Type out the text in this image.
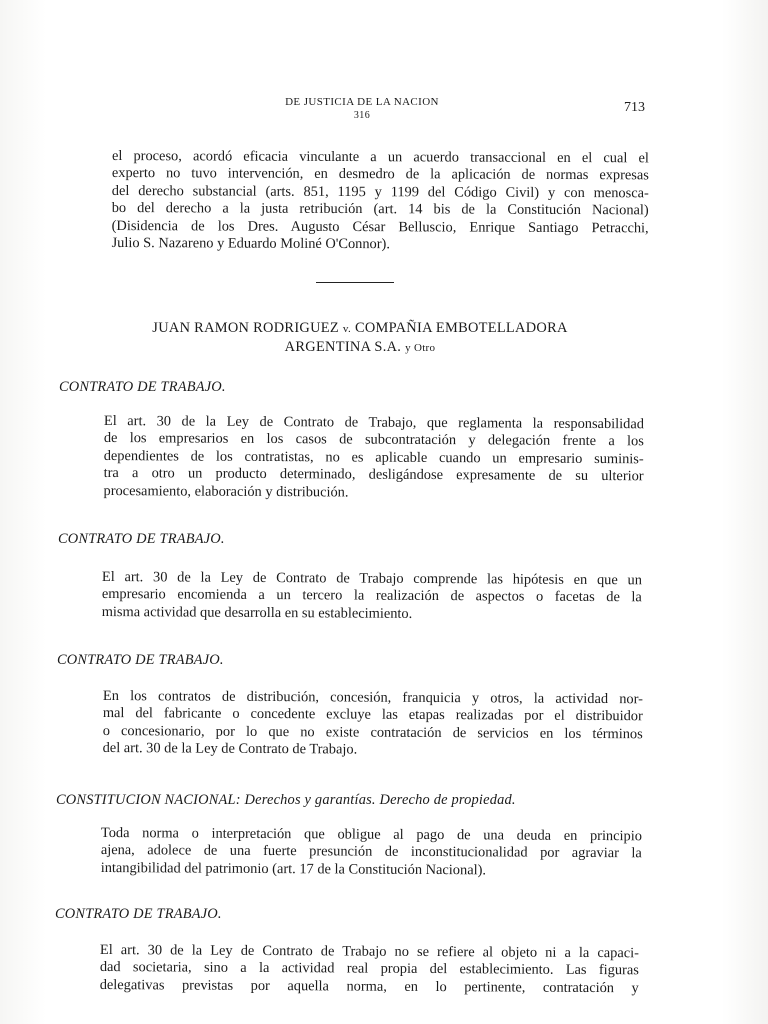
DE JUSTICIA DE LA NACION
316
713

el proceso, acordó eficacia vinculante a un acuerdo transaccional en el cual el

experto no tuvo intervención, en desmedro de la aplicación de normas expresas

del derecho substancial (arts. 851, 1195 y 1199 del Código Civil) y con menosca-

bo del derecho a la justa retribución (art. 14 bis de la Constitución Nacional)

(Disidencia de los Dres. Augusto César Belluscio, Enrique Santiago Petracchi,

Julio S. Nazareno y Eduardo Moliné O'Connor).

JUAN RAMON RODRIGUEZ v. COMPAÑIA EMBOTELLADORA
ARGENTINA S.A. y Otro
CONTRATO DE TRABAJO.

El art. 30 de la Ley de Contrato de Trabajo, que reglamenta la responsabilidad

de los empresarios en los casos de subcontratación y delegación frente a los

dependientes de los contratistas, no es aplicable cuando un empresario suminis-

tra a otro un producto determinado, desligándose expresamente de su ulterior

procesamiento, elaboración y distribución.

CONTRATO DE TRABAJO.

El art. 30 de la Ley de Contrato de Trabajo comprende las hipótesis en que un

empresario encomienda a un tercero la realización de aspectos o facetas de la

misma actividad que desarrolla en su establecimiento.

CONTRATO DE TRABAJO.

En los contratos de distribución, concesión, franquicia y otros, la actividad nor-

mal del fabricante o concedente excluye las etapas realizadas por el distribuidor

o concesionario, por lo que no existe contratación de servicios en los términos

del art. 30 de la Ley de Contrato de Trabajo.

CONSTITUCION NACIONAL: Derechos y garantías. Derecho de propiedad.

Toda norma o interpretación que obligue al pago de una deuda en principio

ajena, adolece de una fuerte presunción de inconstitucionalidad por agraviar la

intangibilidad del patrimonio (art. 17 de la Constitución Nacional).

CONTRATO DE TRABAJO.

El art. 30 de la Ley de Contrato de Trabajo no se refiere al objeto ni a la capaci-

dad societaria, sino a la actividad real propia del establecimiento. Las figuras

delegativas previstas por aquella norma, en lo pertinente, contratación y
